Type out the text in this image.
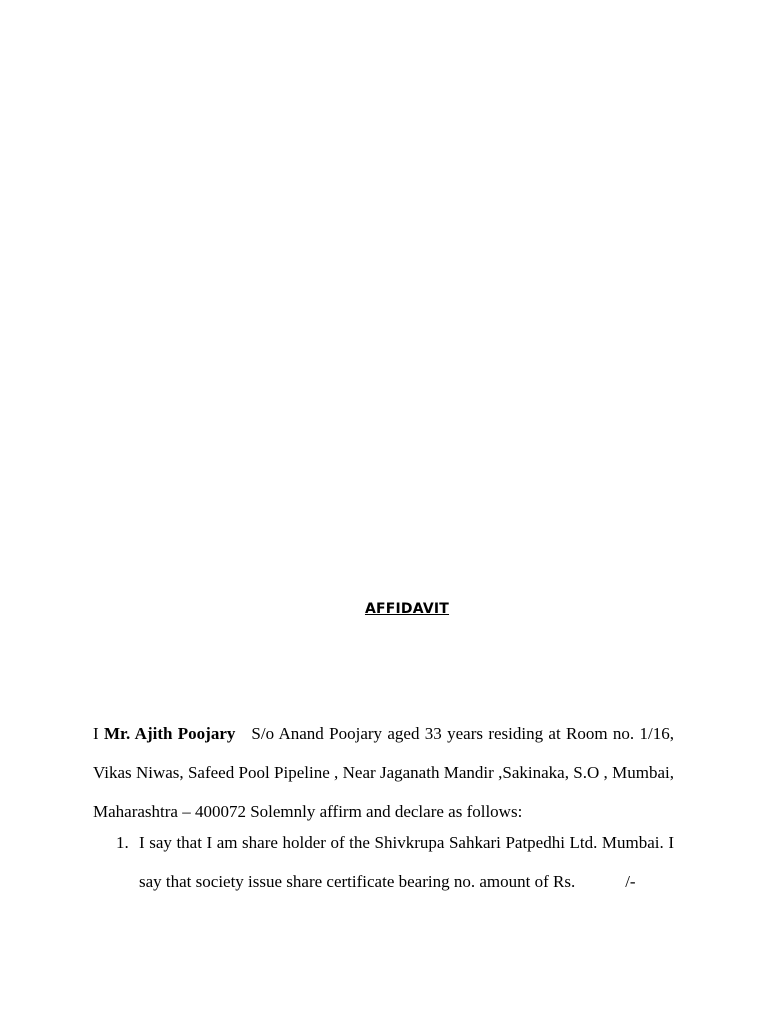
AFFIDAVIT

I Mr. Ajith Poojary S/o Anand Poojary aged 33 years residing at Room no. 1/16, Vikas Niwas, Safeed Pool Pipeline , Near Jaganath Mandir ,Sakinaka, S.O , Mumbai, Maharashtra – 400072 Solemnly affirm and declare as follows:

1. I say that I am share holder of the Shivkrupa Sahkari Patpedhi Ltd. Mumbai. I say that society issue share certificate bearing no. amount of Rs.	/-
